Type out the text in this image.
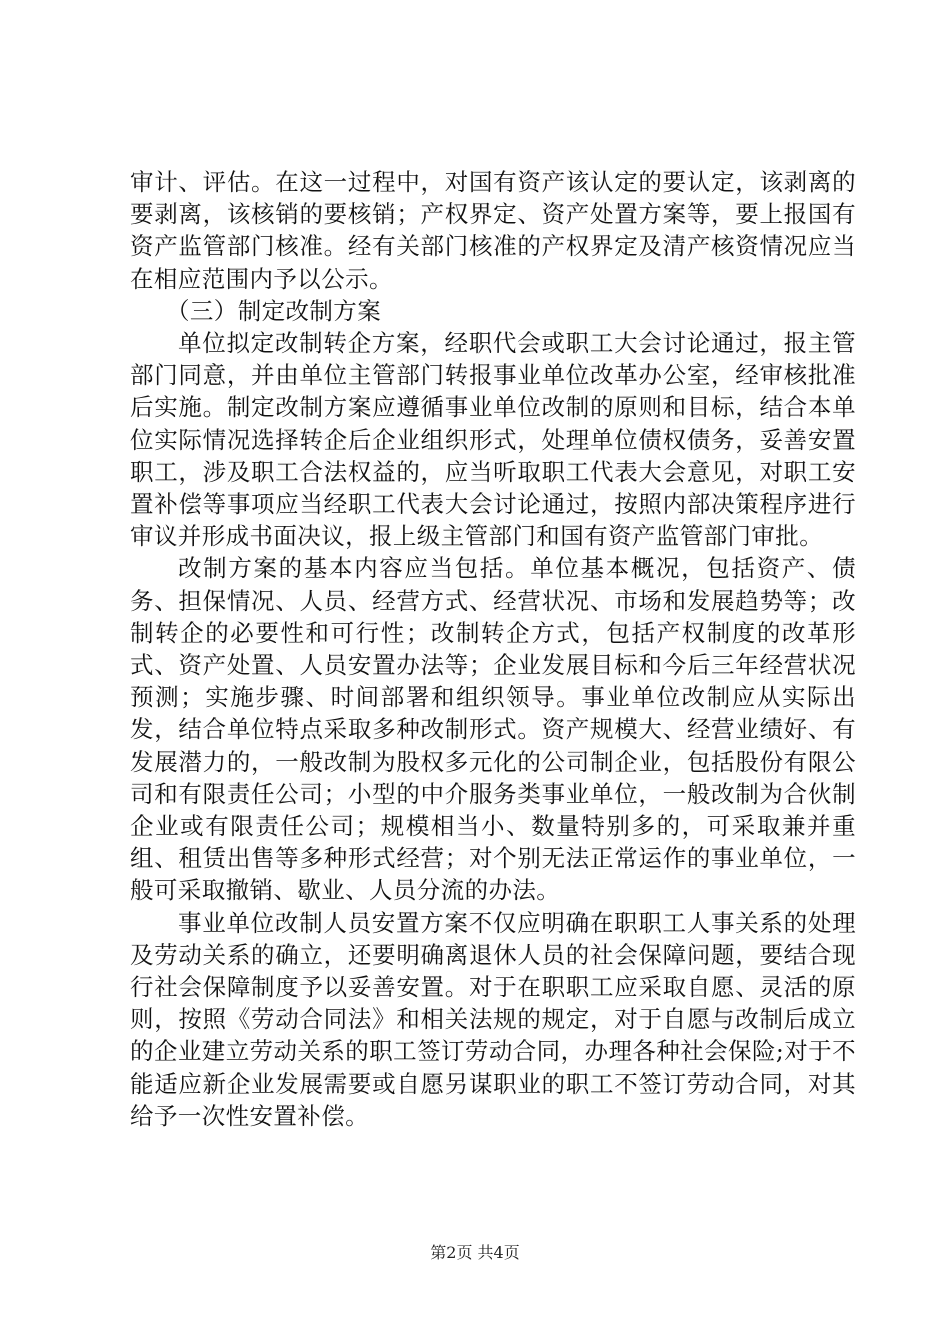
审计、评估。在这一过程中，对国有资产该认定的要认定，该剥离的要剥离，该核销的要核销；产权界定、资产处置方案等，要上报国有资产监管部门核准。经有关部门核准的产权界定及清产核资情况应当在相应范围内予以公示。

（三）制定改制方案

单位拟定改制转企方案，经职代会或职工大会讨论通过，报主管部门同意，并由单位主管部门转报事业单位改革办公室，经审核批准后实施。制定改制方案应遵循事业单位改制的原则和目标，结合本单位实际情况选择转企后企业组织形式，处理单位债权债务，妥善安置职工，涉及职工合法权益的，应当听取职工代表大会意见，对职工安置补偿等事项应当经职工代表大会讨论通过，按照内部决策程序进行审议并形成书面决议，报上级主管部门和国有资产监管部门审批。

改制方案的基本内容应当包括。单位基本概况，包括资产、债务、担保情况、人员、经营方式、经营状况、市场和发展趋势等；改制转企的必要性和可行性；改制转企方式，包括产权制度的改革形式、资产处置、人员安置办法等；企业发展目标和今后三年经营状况预测；实施步骤、时间部署和组织领导。事业单位改制应从实际出发，结合单位特点采取多种改制形式。资产规模大、经营业绩好、有发展潜力的，一般改制为股权多元化的公司制企业，包括股份有限公司和有限责任公司；小型的中介服务类事业单位，一般改制为合伙制企业或有限责任公司；规模相当小、数量特别多的，可采取兼并重组、租赁出售等多种形式经营；对个别无法正常运作的事业单位，一般可采取撤销、歇业、人员分流的办法。

事业单位改制人员安置方案不仅应明确在职职工人事关系的处理及劳动关系的确立，还要明确离退休人员的社会保障问题，要结合现行社会保障制度予以妥善安置。对于在职职工应采取自愿、灵活的原则，按照《劳动合同法》和相关法规的规定，对于自愿与改制后成立的企业建立劳动关系的职工签订劳动合同，办理各种社会保险;对于不能适应新企业发展需要或自愿另谋职业的职工不签订劳动合同，对其给予一次性安置补偿。

第2页 共4页
